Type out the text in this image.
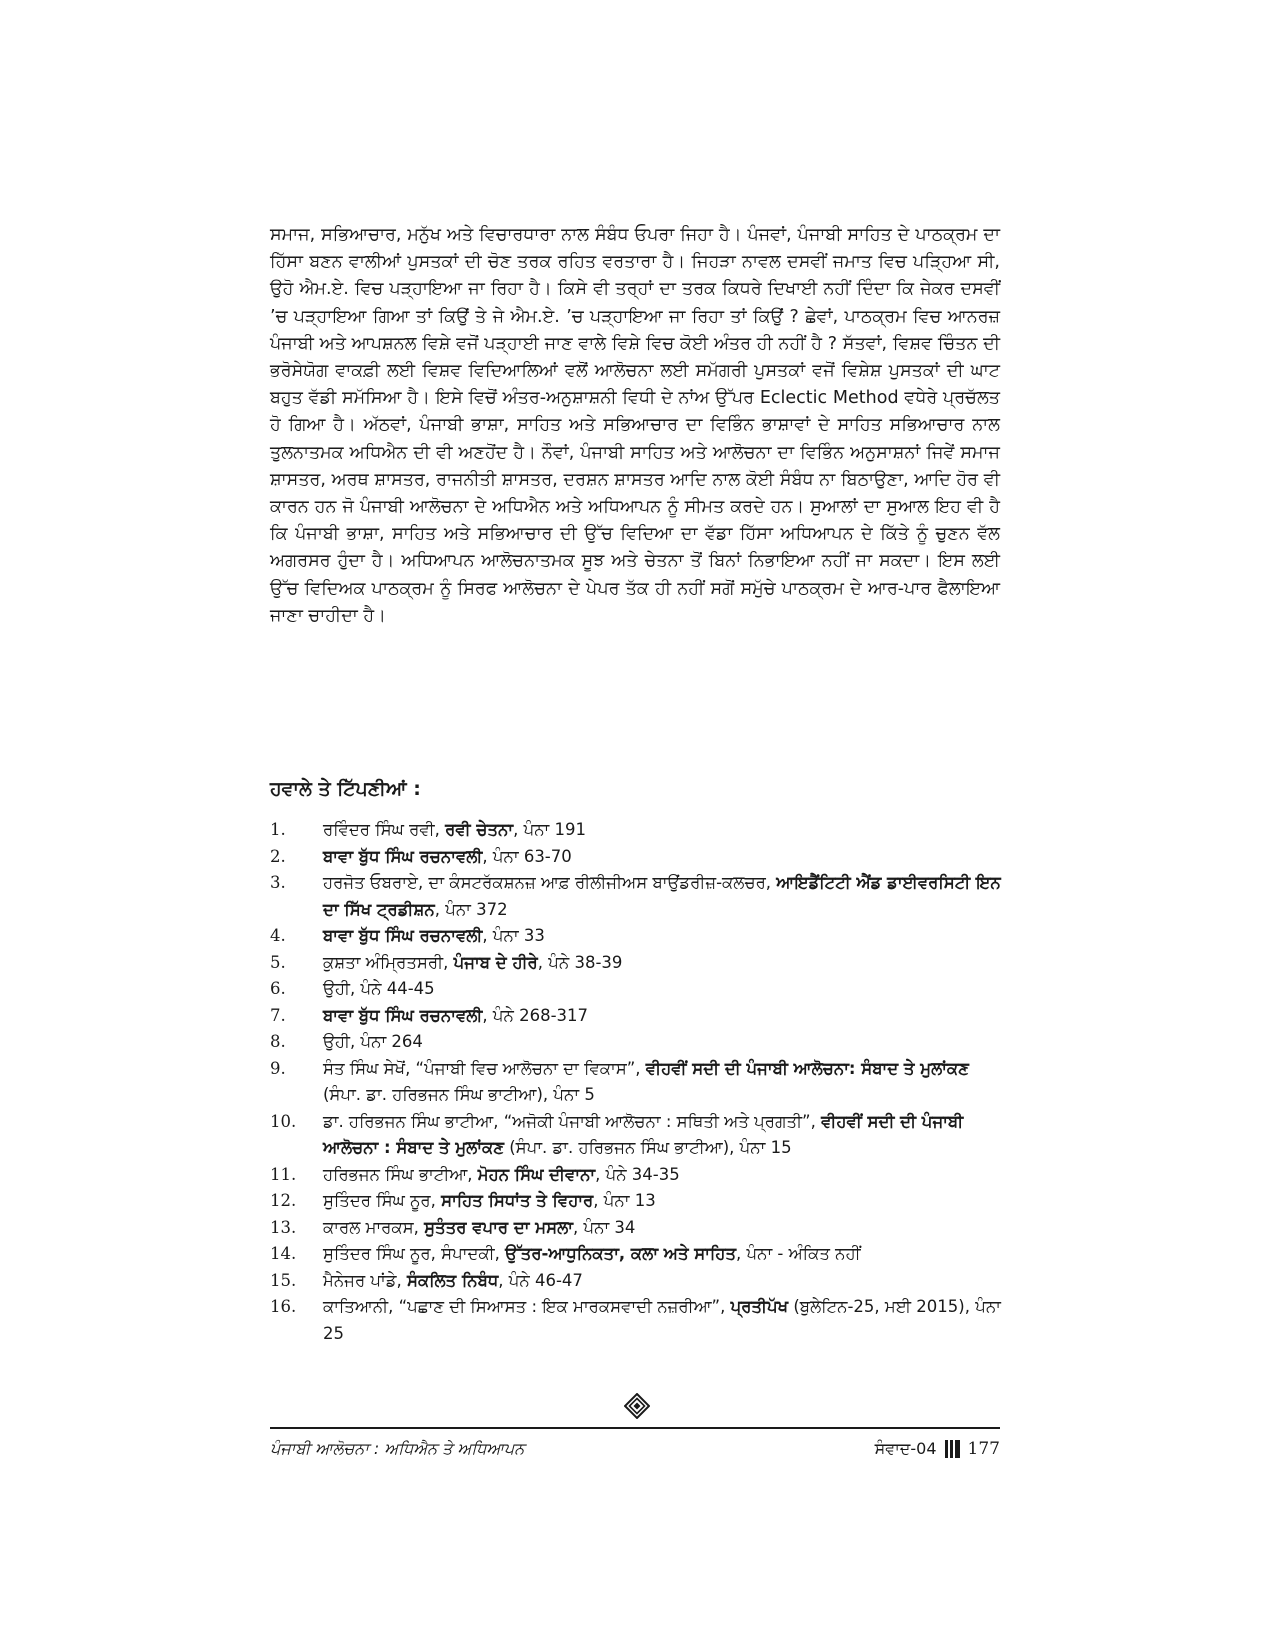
ਸਮਾਜ, ਸਭਿਆਚਾਰ, ਮਨੁੱਖ ਅਤੇ ਵਿਚਾਰਧਾਰਾ ਨਾਲ ਸੰਬੰਧ ਓਪਰਾ ਜਿਹਾ ਹੈ। ਪੰਜਵਾਂ, ਪੰਜਾਬੀ ਸਾਹਿਤ ਦੇ ਪਾਠਕ੍ਰਮ ਦਾ ਹਿੱਸਾ ਬਣਨ ਵਾਲੀਆਂ ਪੁਸਤਕਾਂ ਦੀ ਚੋਣ ਤਰਕ ਰਹਿਤ ਵਰਤਾਰਾ ਹੈ। ਜਿਹੜਾ ਨਾਵਲ ਦਸਵੀਂ ਜਮਾਤ ਵਿਚ ਪੜ੍ਹਿਆ ਸੀ, ਉਹੋ ਐਮ.ਏ. ਵਿਚ ਪੜ੍ਹਾਇਆ ਜਾ ਰਿਹਾ ਹੈ। ਕਿਸੇ ਵੀ ਤਰ੍ਹਾਂ ਦਾ ਤਰਕ ਕਿਧਰੇ ਦਿਖਾਈ ਨਹੀਂ ਦਿੰਦਾ ਕਿ ਜੇਕਰ ਦਸਵੀਂ ’ਚ ਪੜ੍ਹਾਇਆ ਗਿਆ ਤਾਂ ਕਿਉਂ ਤੇ ਜੇ ਐਮ.ਏ. ’ਚ ਪੜ੍ਹਾਇਆ ਜਾ ਰਿਹਾ ਤਾਂ ਕਿਉਂ ? ਛੇਵਾਂ, ਪਾਠਕ੍ਰਮ ਵਿਚ ਆਨਰਜ਼ ਪੰਜਾਬੀ ਅਤੇ ਆਪਸ਼ਨਲ ਵਿਸ਼ੇ ਵਜੋਂ ਪੜ੍ਹਾਈ ਜਾਣ ਵਾਲੇ ਵਿਸ਼ੇ ਵਿਚ ਕੋਈ ਅੰਤਰ ਹੀ ਨਹੀਂ ਹੈ ? ਸੱਤਵਾਂ, ਵਿਸ਼ਵ ਚਿੰਤਨ ਦੀ ਭਰੋਸੇਯੋਗ ਵਾਕਫ਼ੀ ਲਈ ਵਿਸ਼ਵ ਵਿਦਿਆਲਿਆਂ ਵਲੋਂ ਆਲੋਚਨਾ ਲਈ ਸਮੱਗਰੀ ਪੁਸਤਕਾਂ ਵਜੋਂ ਵਿਸ਼ੇਸ਼ ਪੁਸਤਕਾਂ ਦੀ ਘਾਟ ਬਹੁਤ ਵੱਡੀ ਸਮੱਸਿਆ ਹੈ। ਇਸੇ ਵਿਚੋਂ ਅੰਤਰ-ਅਨੁਸ਼ਾਸ਼ਨੀ ਵਿਧੀ ਦੇ ਨਾਂਅ ਉੱਪਰ Eclectic Method ਵਧੇਰੇ ਪ੍ਰਚੱਲਤ ਹੋ ਗਿਆ ਹੈ। ਅੱਠਵਾਂ, ਪੰਜਾਬੀ ਭਾਸ਼ਾ, ਸਾਹਿਤ ਅਤੇ ਸਭਿਆਚਾਰ ਦਾ ਵਿਭਿੰਨ ਭਾਸ਼ਾਵਾਂ ਦੇ ਸਾਹਿਤ ਸਭਿਆਚਾਰ ਨਾਲ ਤੁਲਨਾਤਮਕ ਅਧਿਐਨ ਦੀ ਵੀ ਅਣਹੋਂਦ ਹੈ। ਨੌਵਾਂ, ਪੰਜਾਬੀ ਸਾਹਿਤ ਅਤੇ ਆਲੋਚਨਾ ਦਾ ਵਿਭਿੰਨ ਅਨੁਸਾਸ਼ਨਾਂ ਜਿਵੇਂ ਸਮਾਜ ਸ਼ਾਸਤਰ, ਅਰਥ ਸ਼ਾਸਤਰ, ਰਾਜਨੀਤੀ ਸ਼ਾਸਤਰ, ਦਰਸ਼ਨ ਸ਼ਾਸਤਰ ਆਦਿ ਨਾਲ ਕੋਈ ਸੰਬੰਧ ਨਾ ਬਿਠਾਉਣਾ, ਆਦਿ ਹੋਰ ਵੀ ਕਾਰਨ ਹਨ ਜੋ ਪੰਜਾਬੀ ਆਲੋਚਨਾ ਦੇ ਅਧਿਐਨ ਅਤੇ ਅਧਿਆਪਨ ਨੂੰ ਸੀਮਤ ਕਰਦੇ ਹਨ। ਸੁਆਲਾਂ ਦਾ ਸੁਆਲ ਇਹ ਵੀ ਹੈ ਕਿ ਪੰਜਾਬੀ ਭਾਸ਼ਾ, ਸਾਹਿਤ ਅਤੇ ਸਭਿਆਚਾਰ ਦੀ ਉੱਚ ਵਿਦਿਆ ਦਾ ਵੱਡਾ ਹਿੱਸਾ ਅਧਿਆਪਨ ਦੇ ਕਿੱਤੇ ਨੂੰ ਚੁਣਨ ਵੱਲ ਅਗਰਸਰ ਹੁੰਦਾ ਹੈ। ਅਧਿਆਪਨ ਆਲੋਚਨਾਤਮਕ ਸੂਝ ਅਤੇ ਚੇਤਨਾ ਤੋਂ ਬਿਨਾਂ ਨਿਭਾਇਆ ਨਹੀਂ ਜਾ ਸਕਦਾ। ਇਸ ਲਈ ਉੱਚ ਵਿਦਿਅਕ ਪਾਠਕ੍ਰਮ ਨੂੰ ਸਿਰਫ ਆਲੋਚਨਾ ਦੇ ਪੇਪਰ ਤੱਕ ਹੀ ਨਹੀਂ ਸਗੋਂ ਸਮੁੱਚੇ ਪਾਠਕ੍ਰਮ ਦੇ ਆਰ-ਪਾਰ ਫੈਲਾਇਆ ਜਾਣਾ ਚਾਹੀਦਾ ਹੈ।

ਹਵਾਲੇ ਤੇ ਟਿੱਪਣੀਆਂ :
1. ਰਵਿੰਦਰ ਸਿੰਘ ਰਵੀ, ਰਵੀ ਚੇਤਨਾ, ਪੰਨਾ 191
2. ਬਾਵਾ ਬੁੱਧ ਸਿੰਘ ਰਚਨਾਵਲੀ, ਪੰਨਾ 63-70
3. ਹਰਜੋਤ ਓਬਰਾਏ, ਦਾ ਕੰਸਟਰੱਕਸ਼ਨਜ਼ ਆਫ਼ ਰੀਲੀਜੀਅਸ ਬਾਉਂਡਰੀਜ਼-ਕਲਚਰ, ਆਇਡੈਂਟਿਟੀ ਐਂਡ ਡਾਈਵਰਸਿਟੀ ਇਨ ਦਾ ਸਿੱਖ ਟ੍ਰਡੀਸ਼ਨ, ਪੰਨਾ 372
4. ਬਾਵਾ ਬੁੱਧ ਸਿੰਘ ਰਚਨਾਵਲੀ, ਪੰਨਾ 33
5. ਕੁਸ਼ਤਾ ਅੰਮ੍ਰਿਤਸਰੀ, ਪੰਜਾਬ ਦੇ ਹੀਰੇ, ਪੰਨੇ 38-39
6. ਉਹੀ, ਪੰਨੇ 44-45
7. ਬਾਵਾ ਬੁੱਧ ਸਿੰਘ ਰਚਨਾਵਲੀ, ਪੰਨੇ 268-317
8. ਉਹੀ, ਪੰਨਾ 264
9. ਸੰਤ ਸਿੰਘ ਸੇਖੋਂ, “ਪੰਜਾਬੀ ਵਿਚ ਆਲੋਚਨਾ ਦਾ ਵਿਕਾਸ”, ਵੀਹਵੀਂ ਸਦੀ ਦੀ ਪੰਜਾਬੀ ਆਲੋਚਨਾ: ਸੰਬਾਦ ਤੇ ਮੁਲਾਂਕਣ (ਸੰਪਾ. ਡਾ. ਹਰਿਭਜਨ ਸਿੰਘ ਭਾਟੀਆ), ਪੰਨਾ 5
10. ਡਾ. ਹਰਿਭਜਨ ਸਿੰਘ ਭਾਟੀਆ, “ਅਜੋਕੀ ਪੰਜਾਬੀ ਆਲੋਚਨਾ : ਸਥਿਤੀ ਅਤੇ ਪ੍ਰਗਤੀ”, ਵੀਹਵੀਂ ਸਦੀ ਦੀ ਪੰਜਾਬੀ ਆਲੋਚਨਾ : ਸੰਬਾਦ ਤੇ ਮੁਲਾਂਕਣ (ਸੰਪਾ. ਡਾ. ਹਰਿਭਜਨ ਸਿੰਘ ਭਾਟੀਆ), ਪੰਨਾ 15
11. ਹਰਿਭਜਨ ਸਿੰਘ ਭਾਟੀਆ, ਮੋਹਨ ਸਿੰਘ ਦੀਵਾਨਾ, ਪੰਨੇ 34-35
12. ਸੁਤਿੰਦਰ ਸਿੰਘ ਨੂਰ, ਸਾਹਿਤ ਸਿਧਾਂਤ ਤੇ ਵਿਹਾਰ, ਪੰਨਾ 13
13. ਕਾਰਲ ਮਾਰਕਸ, ਸੁਤੰਤਰ ਵਪਾਰ ਦਾ ਮਸਲਾ, ਪੰਨਾ 34
14. ਸੁਤਿੰਦਰ ਸਿੰਘ ਨੂਰ, ਸੰਪਾਦਕੀ, ਉੱਤਰ-ਆਧੁਨਿਕਤਾ, ਕਲਾ ਅਤੇ ਸਾਹਿਤ, ਪੰਨਾ - ਅੰਕਿਤ ਨਹੀਂ
15. ਮੈਨੇਜਰ ਪਾਂਡੇ, ਸੰਕਲਿਤ ਨਿਬੰਧ, ਪੰਨੇ 46-47
16. ਕਾਤਿਆਨੀ, “ਪਛਾਣ ਦੀ ਸਿਆਸਤ : ਇਕ ਮਾਰਕਸਵਾਦੀ ਨਜ਼ਰੀਆ”, ਪ੍ਰਤੀਪੱਖ (ਬੁਲੇਟਿਨ-25, ਮਈ 2015), ਪੰਨਾ 25
ਪੰਜਾਬੀ ਆਲੋਚਨਾ : ਅਧਿਐਨ ਤੇ ਅਧਿਆਪਨ	ਸੰਵਾਦ-04 177
